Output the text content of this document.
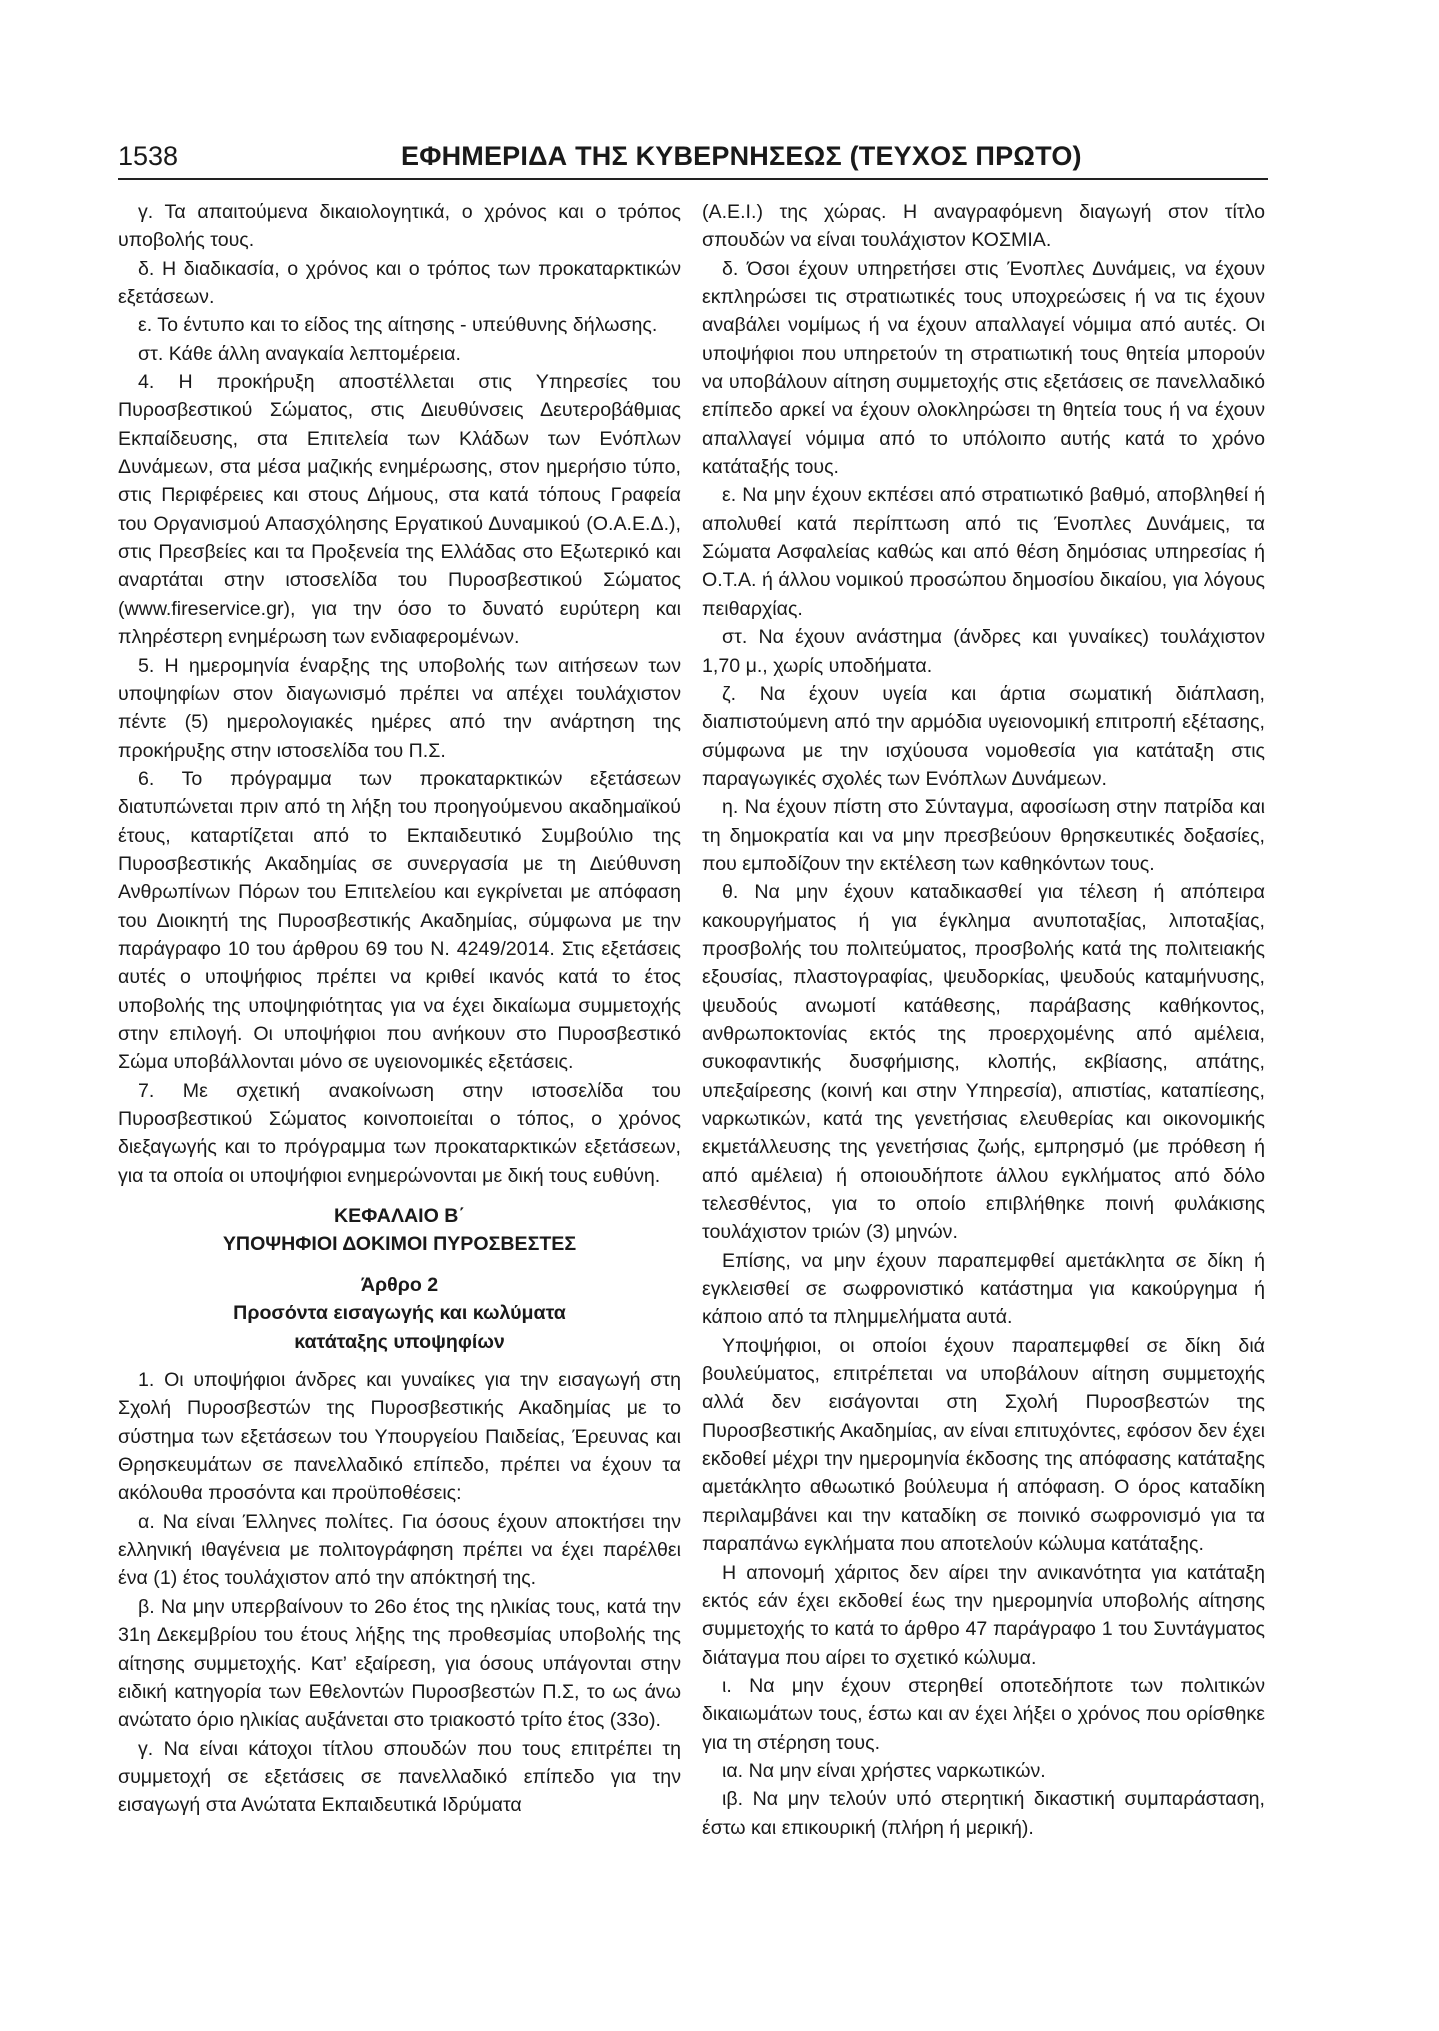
1538	ΕΦΗΜΕΡΙΔΑ ΤΗΣ ΚΥΒΕΡΝΗΣΕΩΣ (ΤΕΥΧΟΣ ΠΡΩΤΟ)

γ. Τα απαιτούμενα δικαιολογητικά, ο χρόνος και ο τρόπος υποβολής τους.

δ. Η διαδικασία, ο χρόνος και ο τρόπος των προκαταρκτικών εξετάσεων.

ε. Το έντυπο και το είδος της αίτησης - υπεύθυνης δήλωσης.

στ. Κάθε άλλη αναγκαία λεπτομέρεια.

4. Η προκήρυξη αποστέλλεται στις Υπηρεσίες του Πυροσβεστικού Σώματος, στις Διευθύνσεις Δευτεροβάθμιας Εκπαίδευσης, στα Επιτελεία των Κλάδων των Ενόπλων Δυνάμεων, στα μέσα μαζικής ενημέρωσης, στον ημερήσιο τύπο, στις Περιφέρειες και στους Δήμους, στα κατά τόπους Γραφεία του Οργανισμού Απασχόλησης Εργατικού Δυναμικού (Ο.Α.Ε.Δ.), στις Πρεσβείες και τα Προξενεία της Ελλάδας στο Εξωτερικό και αναρτάται στην ιστοσελίδα του Πυροσβεστικού Σώματος (www.fireservice.gr), για την όσο το δυνατό ευρύτερη και πληρέστερη ενημέρωση των ενδιαφερομένων.

5. Η ημερομηνία έναρξης της υποβολής των αιτήσεων των υποψηφίων στον διαγωνισμό πρέπει να απέχει τουλάχιστον πέντε (5) ημερολογιακές ημέρες από την ανάρτηση της προκήρυξης στην ιστοσελίδα του Π.Σ.

6. Το πρόγραμμα των προκαταρκτικών εξετάσεων διατυπώνεται πριν από τη λήξη του προηγούμενου ακαδημαϊκού έτους, καταρτίζεται από το Εκπαιδευτικό Συμβούλιο της Πυροσβεστικής Ακαδημίας σε συνεργασία με τη Διεύθυνση Ανθρωπίνων Πόρων του Επιτελείου και εγκρίνεται με απόφαση του Διοικητή της Πυροσβεστικής Ακαδημίας, σύμφωνα με την παράγραφο 10 του άρθρου 69 του Ν. 4249/2014. Στις εξετάσεις αυτές ο υποψήφιος πρέπει να κριθεί ικανός κατά το έτος υποβολής της υποψηφιότητας για να έχει δικαίωμα συμμετοχής στην επιλογή. Οι υποψήφιοι που ανήκουν στο Πυροσβεστικό Σώμα υποβάλλονται μόνο σε υγειονομικές εξετάσεις.

7. Με σχετική ανακοίνωση στην ιστοσελίδα του Πυροσβεστικού Σώματος κοινοποιείται ο τόπος, ο χρόνος διεξαγωγής και το πρόγραμμα των προκαταρκτικών εξετάσεων, για τα οποία οι υποψήφιοι ενημερώνονται με δική τους ευθύνη.

ΚΕΦΑΛΑΙΟ Β΄
ΥΠΟΨΗΦΙΟΙ ΔΟΚΙΜΟΙ ΠΥΡΟΣΒΕΣΤΕΣ
Άρθρο 2
Προσόντα εισαγωγής και κωλύματα
κατάταξης υποψηφίων

1. Οι υποψήφιοι άνδρες και γυναίκες για την εισαγωγή στη Σχολή Πυροσβεστών της Πυροσβεστικής Ακαδημίας με το σύστημα των εξετάσεων του Υπουργείου Παιδείας, Έρευνας και Θρησκευμάτων σε πανελλαδικό επίπεδο, πρέπει να έχουν τα ακόλουθα προσόντα και προϋποθέσεις:

α. Να είναι Έλληνες πολίτες. Για όσους έχουν αποκτήσει την ελληνική ιθαγένεια με πολιτογράφηση πρέπει να έχει παρέλθει ένα (1) έτος τουλάχιστον από την απόκτησή της.

β. Να μην υπερβαίνουν το 26ο έτος της ηλικίας τους, κατά την 31η Δεκεμβρίου του έτους λήξης της προθεσμίας υποβολής της αίτησης συμμετοχής. Κατ’ εξαίρεση, για όσους υπάγονται στην ειδική κατηγορία των Εθελοντών Πυροσβεστών Π.Σ, το ως άνω ανώτατο όριο ηλικίας αυξάνεται στο τριακοστό τρίτο έτος (33ο).

γ. Να είναι κάτοχοι τίτλου σπουδών που τους επιτρέπει τη συμμετοχή σε εξετάσεις σε πανελλαδικό επίπεδο για την εισαγωγή στα Ανώτατα Εκπαιδευτικά Ιδρύματα

(Α.Ε.Ι.) της χώρας. Η αναγραφόμενη διαγωγή στον τίτλο σπουδών να είναι τουλάχιστον ΚΟΣΜΙΑ.

δ. Όσοι έχουν υπηρετήσει στις Ένοπλες Δυνάμεις, να έχουν εκπληρώσει τις στρατιωτικές τους υποχρεώσεις ή να τις έχουν αναβάλει νομίμως ή να έχουν απαλλαγεί νόμιμα από αυτές. Οι υποψήφιοι που υπηρετούν τη στρατιωτική τους θητεία μπορούν να υποβάλουν αίτηση συμμετοχής στις εξετάσεις σε πανελλαδικό επίπεδο αρκεί να έχουν ολοκληρώσει τη θητεία τους ή να έχουν απαλλαγεί νόμιμα από το υπόλοιπο αυτής κατά το χρόνο κατάταξής τους.

ε. Να μην έχουν εκπέσει από στρατιωτικό βαθμό, αποβληθεί ή απολυθεί κατά περίπτωση από τις Ένοπλες Δυνάμεις, τα Σώματα Ασφαλείας καθώς και από θέση δημόσιας υπηρεσίας ή Ο.Τ.Α. ή άλλου νομικού προσώπου δημοσίου δικαίου, για λόγους πειθαρχίας.

στ. Να έχουν ανάστημα (άνδρες και γυναίκες) τουλάχιστον 1,70 μ., χωρίς υποδήματα.

ζ. Να έχουν υγεία και άρτια σωματική διάπλαση, διαπιστούμενη από την αρμόδια υγειονομική επιτροπή εξέτασης, σύμφωνα με την ισχύουσα νομοθεσία για κατάταξη στις παραγωγικές σχολές των Ενόπλων Δυνάμεων.

η. Να έχουν πίστη στο Σύνταγμα, αφοσίωση στην πατρίδα και τη δημοκρατία και να μην πρεσβεύουν θρησκευτικές δοξασίες, που εμποδίζουν την εκτέλεση των καθηκόντων τους.

θ. Να μην έχουν καταδικασθεί για τέλεση ή απόπειρα κακουργήματος ή για έγκλημα ανυποταξίας, λιποταξίας, προσβολής του πολιτεύματος, προσβολής κατά της πολιτειακής εξουσίας, πλαστογραφίας, ψευδορκίας, ψευδούς καταμήνυσης, ψευδούς ανωμοτί κατάθεσης, παράβασης καθήκοντος, ανθρωποκτονίας εκτός της προερχομένης από αμέλεια, συκοφαντικής δυσφήμισης, κλοπής, εκβίασης, απάτης, υπεξαίρεσης (κοινή και στην Υπηρεσία), απιστίας, καταπίεσης, ναρκωτικών, κατά της γενετήσιας ελευθερίας και οικονομικής εκμετάλλευσης της γενετήσιας ζωής, εμπρησμό (με πρόθεση ή από αμέλεια) ή οποιουδήποτε άλλου εγκλήματος από δόλο τελεσθέντος, για το οποίο επιβλήθηκε ποινή φυλάκισης τουλάχιστον τριών (3) μηνών.

Επίσης, να μην έχουν παραπεμφθεί αμετάκλητα σε δίκη ή εγκλεισθεί σε σωφρονιστικό κατάστημα για κακούργημα ή κάποιο από τα πλημμελήματα αυτά.

Υποψήφιοι, οι οποίοι έχουν παραπεμφθεί σε δίκη διά βουλεύματος, επιτρέπεται να υποβάλουν αίτηση συμμετοχής αλλά δεν εισάγονται στη Σχολή Πυροσβεστών της Πυροσβεστικής Ακαδημίας, αν είναι επιτυχόντες, εφόσον δεν έχει εκδοθεί μέχρι την ημερομηνία έκδοσης της απόφασης κατάταξης αμετάκλητο αθωωτικό βούλευμα ή απόφαση. Ο όρος καταδίκη περιλαμβάνει και την καταδίκη σε ποινικό σωφρονισμό για τα παραπάνω εγκλήματα που αποτελούν κώλυμα κατάταξης.

Η απονομή χάριτος δεν αίρει την ανικανότητα για κατάταξη εκτός εάν έχει εκδοθεί έως την ημερομηνία υποβολής αίτησης συμμετοχής το κατά το άρθρο 47 παράγραφο 1 του Συντάγματος διάταγμα που αίρει το σχετικό κώλυμα.

ι. Να μην έχουν στερηθεί οποτεδήποτε των πολιτικών δικαιωμάτων τους, έστω και αν έχει λήξει ο χρόνος που ορίσθηκε για τη στέρηση τους.

ια. Να μην είναι χρήστες ναρκωτικών.

ιβ. Να μην τελούν υπό στερητική δικαστική συμπαράσταση, έστω και επικουρική (πλήρη ή μερική).
